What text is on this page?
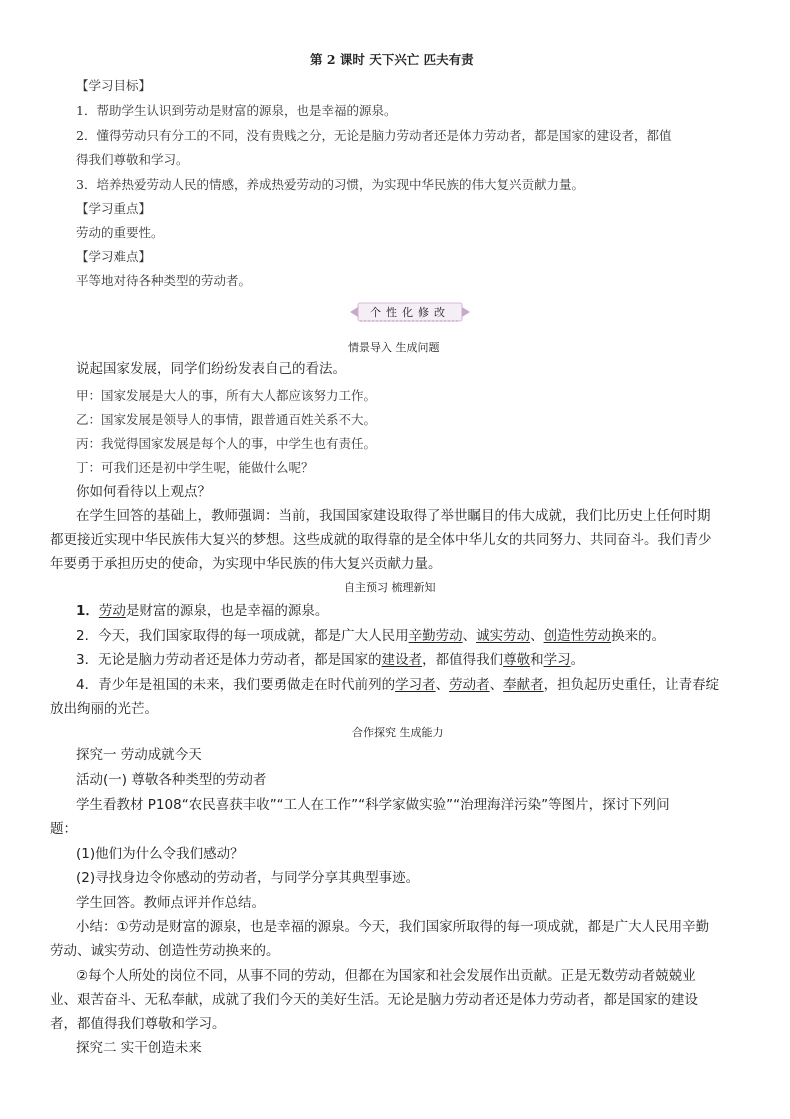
第 2 课时 天下兴亡 匹夫有责
【学习目标】
1．帮助学生认识到劳动是财富的源泉，也是幸福的源泉。
2．懂得劳动只有分工的不同，没有贵贱之分，无论是脑力劳动者还是体力劳动者，都是国家的建设者，都值
得我们尊敬和学习。
3．培养热爱劳动人民的情感，养成热爱劳动的习惯，为实现中华民族的伟大复兴贡献力量。
【学习重点】
劳动的重要性。
【学习难点】
平等地对待各种类型的劳动者。
个性化修改
情景导入 生成问题
说起国家发展，同学们纷纷发表自己的看法。
甲：国家发展是大人的事，所有大人都应该努力工作。
乙：国家发展是领导人的事情，跟普通百姓关系不大。
丙：我觉得国家发展是每个人的事，中学生也有责任。
丁：可我们还是初中学生呢，能做什么呢？
你如何看待以上观点？
在学生回答的基础上，教师强调：当前，我国国家建设取得了举世瞩目的伟大成就，我们比历史上任何时期
都更接近实现中华民族伟大复兴的梦想。这些成就的取得靠的是全体中华儿女的共同努力、共同奋斗。我们青少
年要勇于承担历史的使命，为实现中华民族的伟大复兴贡献力量。
自主预习 梳理新知
1．劳动是财富的源泉，也是幸福的源泉。
2．今天，我们国家取得的每一项成就，都是广大人民用辛勤劳动、诚实劳动、创造性劳动换来的。
3．无论是脑力劳动者还是体力劳动者，都是国家的建设者，都值得我们尊敬和学习。
4．青少年是祖国的未来，我们要勇做走在时代前列的学习者、劳动者、奉献者，担负起历史重任，让青春绽
放出绚丽的光芒。
合作探究 生成能力
探究一 劳动成就今天
活动(一) 尊敬各种类型的劳动者
学生看教材 P108“农民喜获丰收”“工人在工作”“科学家做实验”“治理海洋污染”等图片，探讨下列问
题：
(1)他们为什么令我们感动？
(2)寻找身边令你感动的劳动者，与同学分享其典型事迹。
学生回答。教师点评并作总结。
小结：①劳动是财富的源泉，也是幸福的源泉。今天，我们国家所取得的每一项成就，都是广大人民用辛勤
劳动、诚实劳动、创造性劳动换来的。
②每个人所处的岗位不同，从事不同的劳动，但都在为国家和社会发展作出贡献。正是无数劳动者兢兢业
业、艰苦奋斗、无私奉献，成就了我们今天的美好生活。无论是脑力劳动者还是体力劳动者，都是国家的建设
者，都值得我们尊敬和学习。
探究二 实干创造未来
